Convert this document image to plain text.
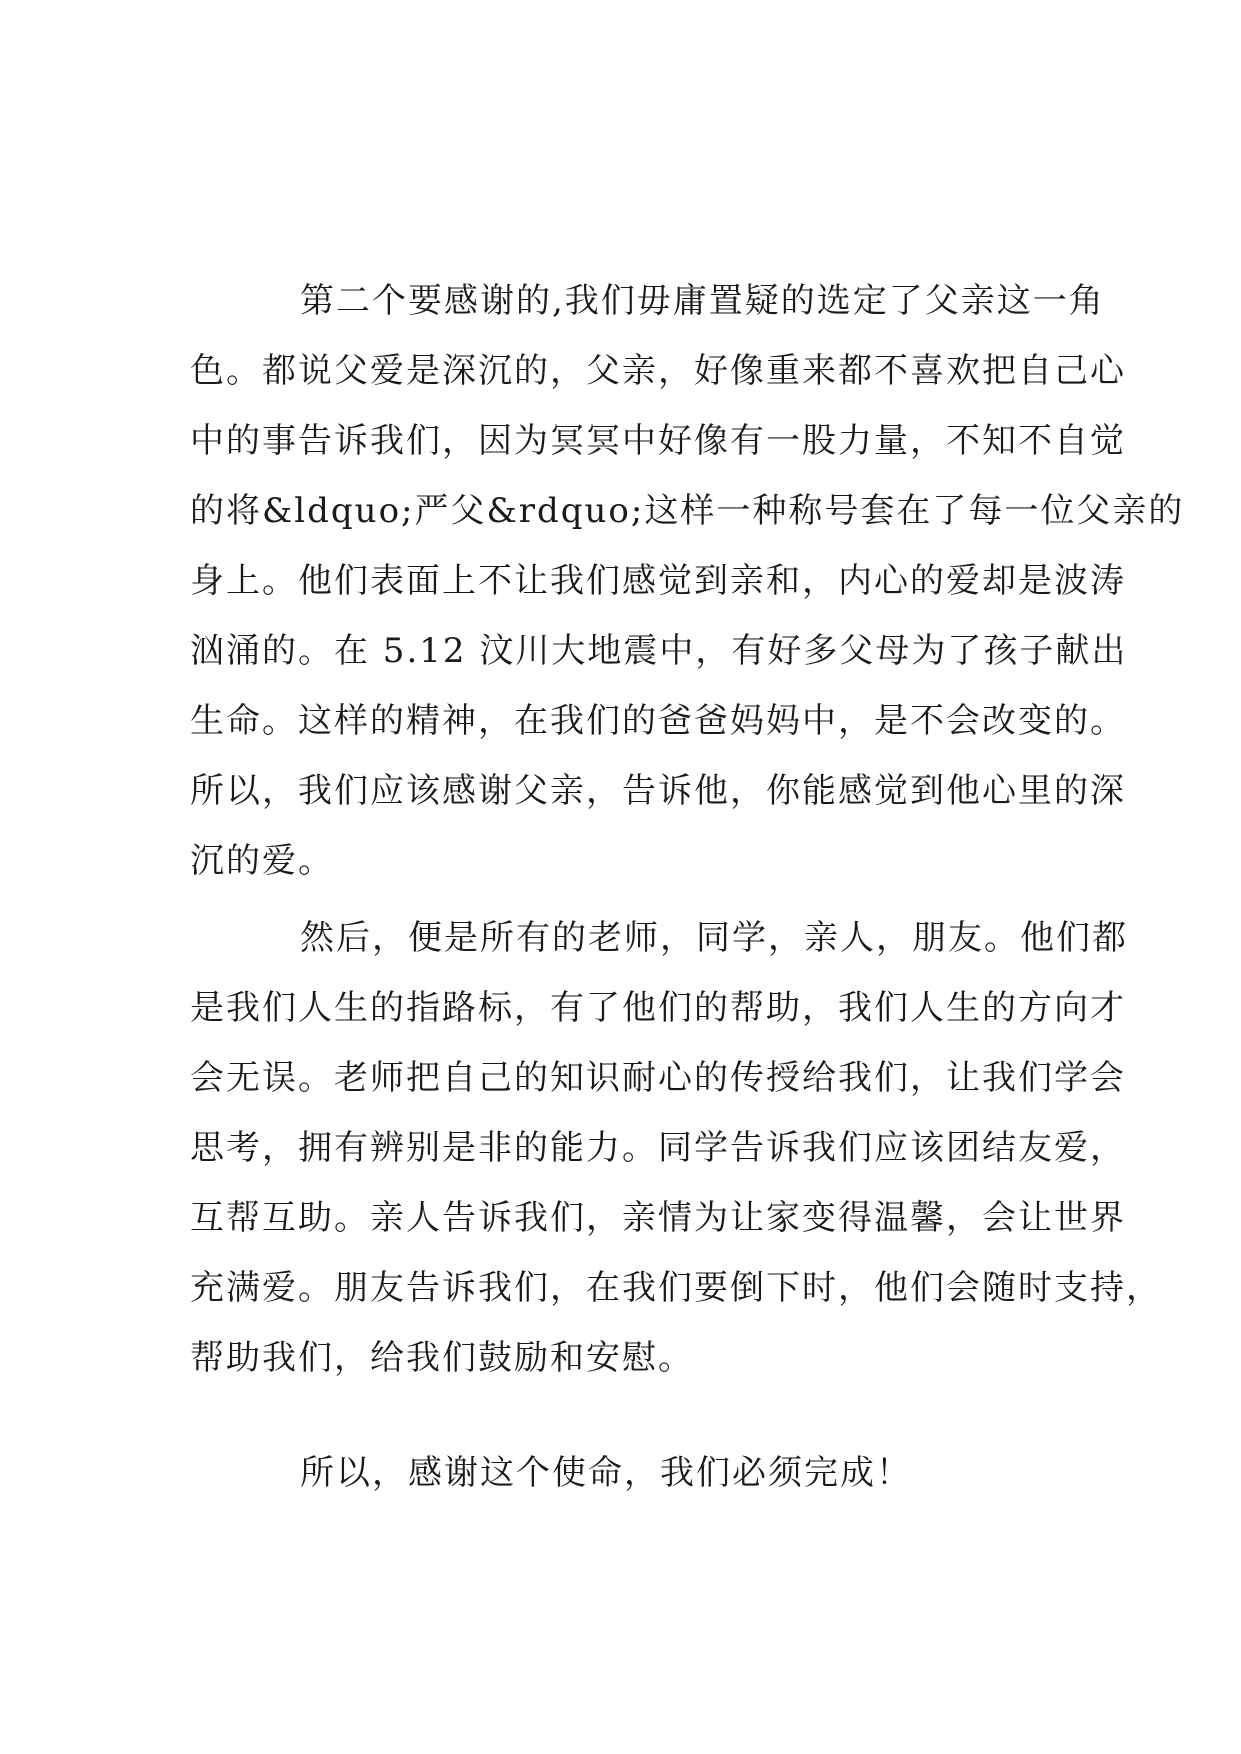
第二个要感谢的,我们毋庸置疑的选定了父亲这一角
色。都说父爱是深沉的，父亲，好像重来都不喜欢把自己心
中的事告诉我们，因为冥冥中好像有一股力量，不知不自觉
的将&ldquo;严父&rdquo;这样一种称号套在了每一位父亲的
身上。他们表面上不让我们感觉到亲和，内心的爱却是波涛
汹涌的。在 5.12 汶川大地震中，有好多父母为了孩子献出
生命。这样的精神，在我们的爸爸妈妈中，是不会改变的。
所以，我们应该感谢父亲，告诉他，你能感觉到他心里的深
沉的爱。
然后，便是所有的老师，同学，亲人，朋友。他们都
是我们人生的指路标，有了他们的帮助，我们人生的方向才
会无误。老师把自己的知识耐心的传授给我们，让我们学会
思考，拥有辨别是非的能力。同学告诉我们应该团结友爱，
互帮互助。亲人告诉我们，亲情为让家变得温馨，会让世界
充满爱。朋友告诉我们，在我们要倒下时，他们会随时支持，
帮助我们，给我们鼓励和安慰。
所以，感谢这个使命，我们必须完成！
